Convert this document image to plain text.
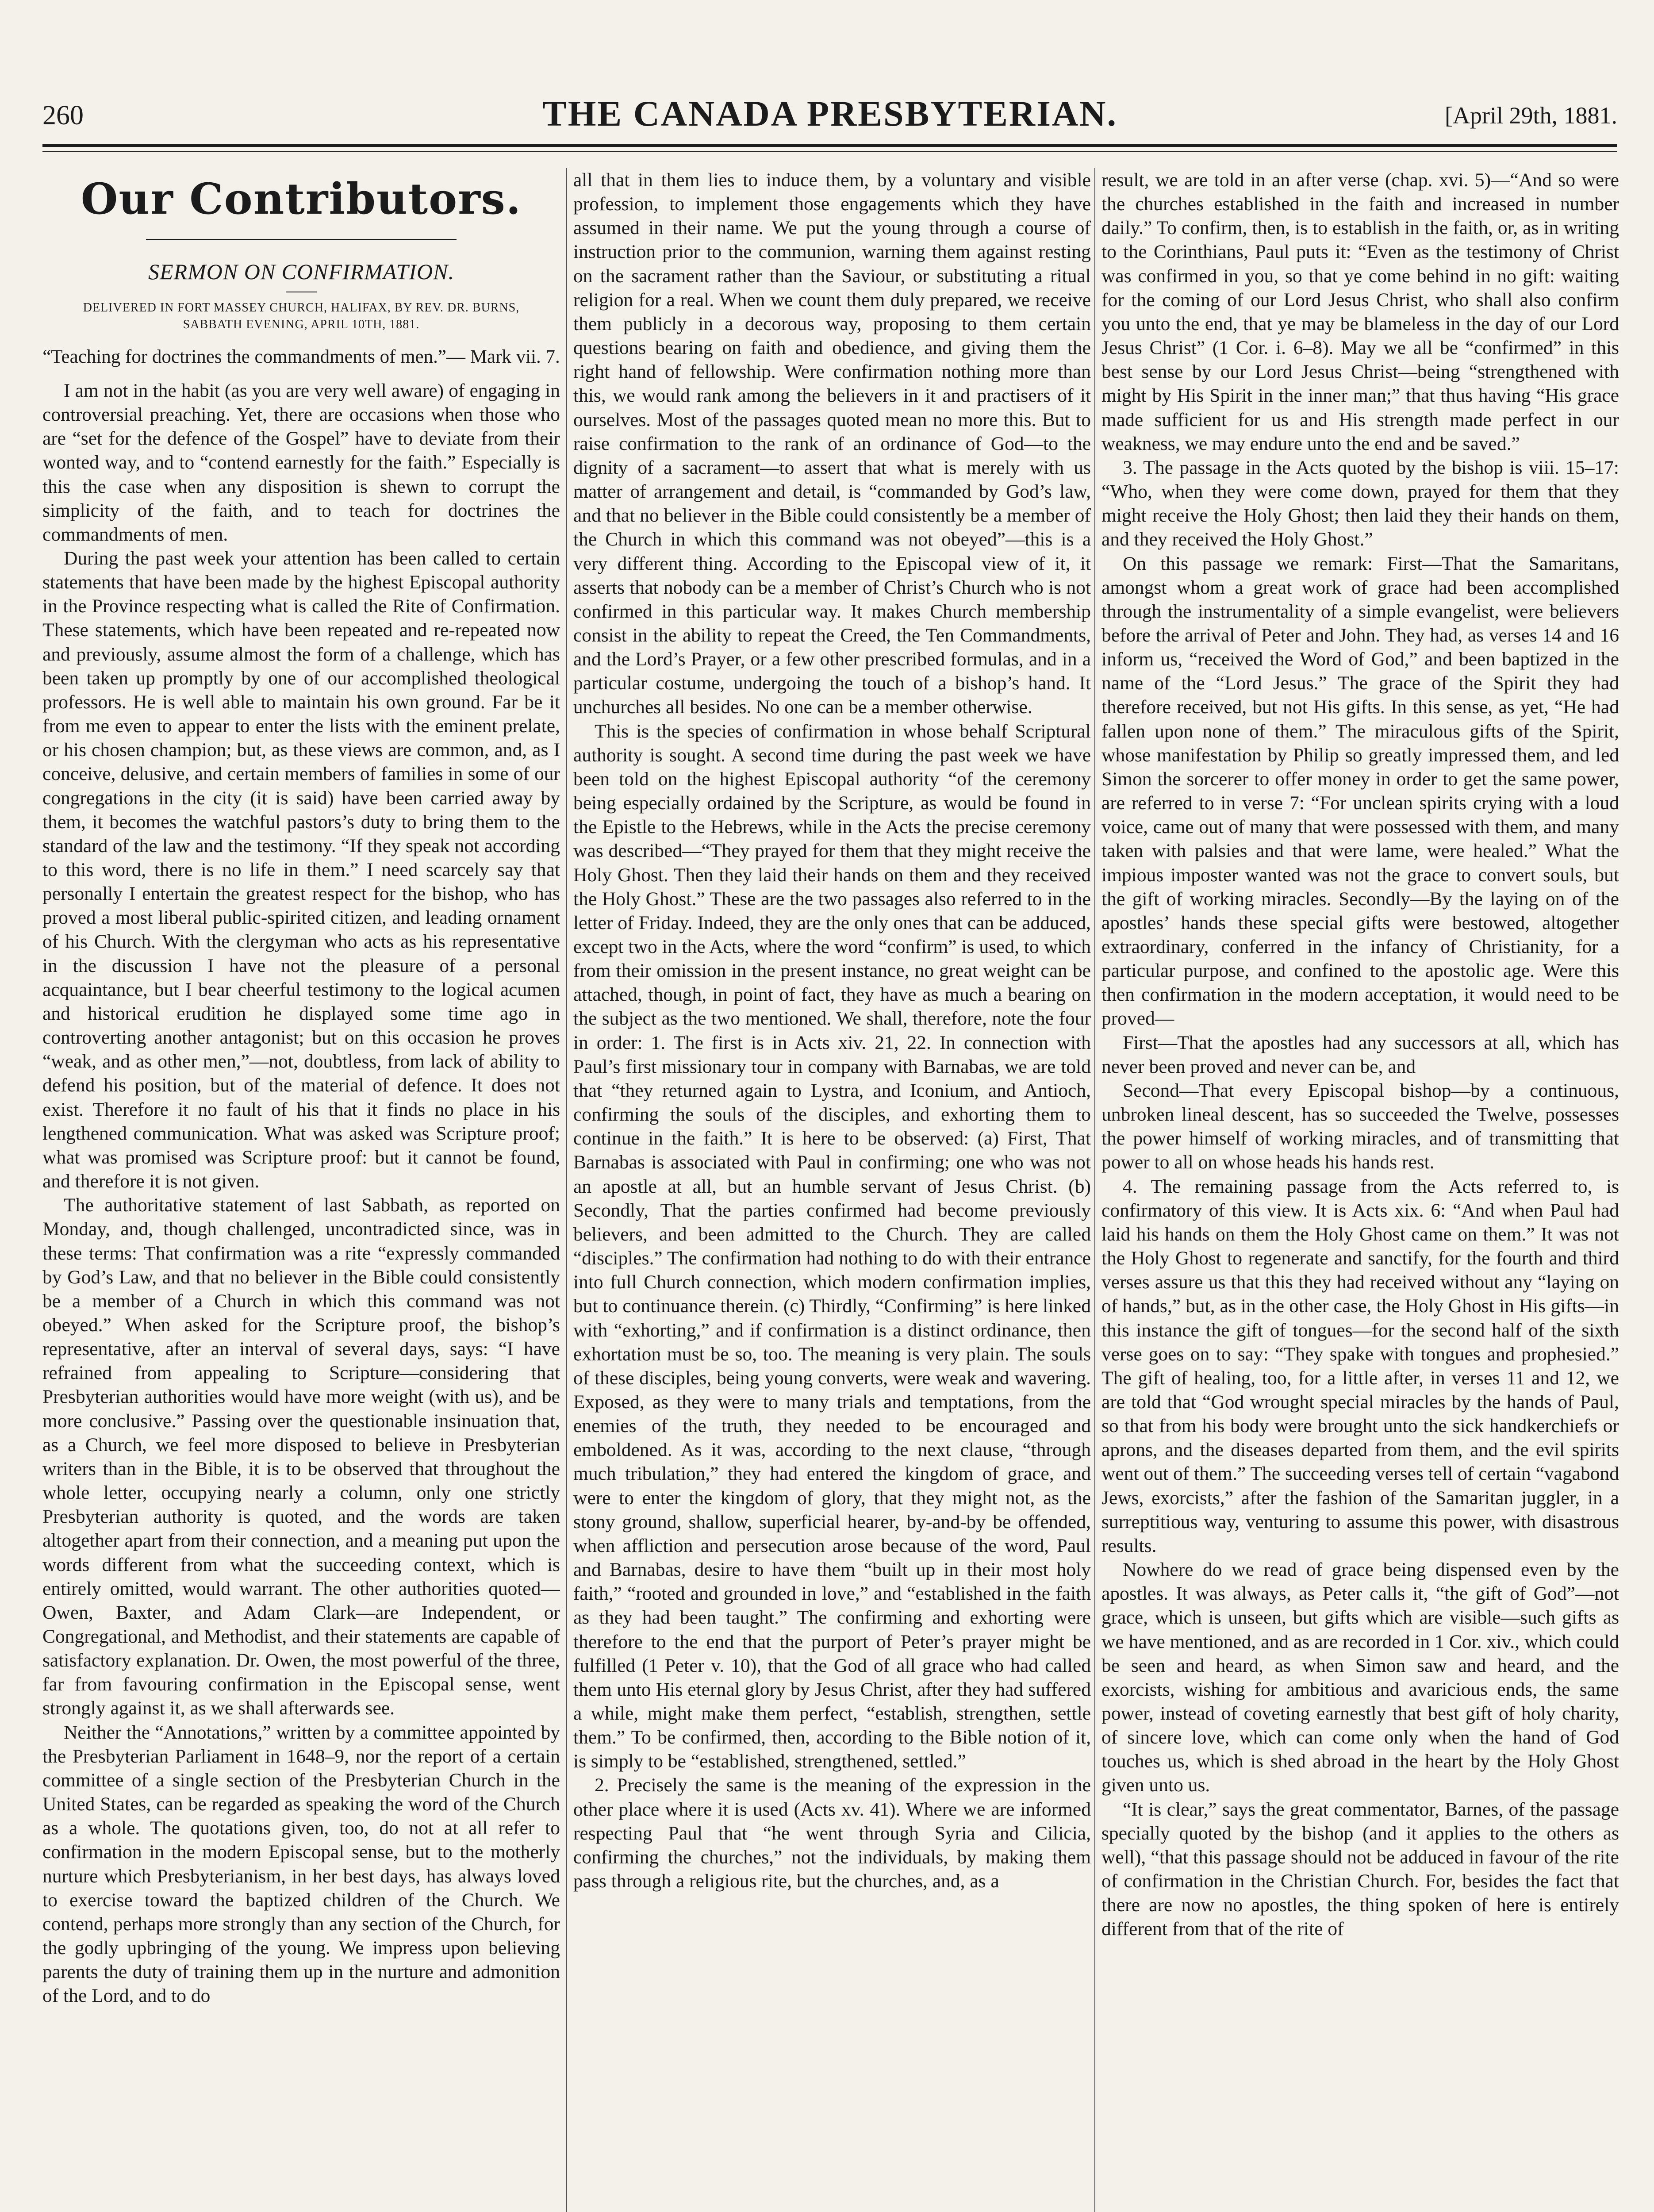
260	THE CANADA PRESBYTERIAN.	[April 29th, 1881.
Our Contributors.
SERMON ON CONFIRMATION.
DELIVERED IN FORT MASSEY CHURCH, HALIFAX, BY REV. DR. BURNS, SABBATH EVENING, APRIL 10TH, 1881.
“Teaching for doctrines the commandments of men.”— Mark vii. 7.

I am not in the habit (as you are very well aware) of engaging in controversial preaching. Yet, there are occasions when those who are “set for the defence of the Gospel” have to deviate from their wonted way, and to “contend earnestly for the faith.” Especially is this the case when any disposition is shewn to corrupt the simplicity of the faith, and to teach for doctrines the commandments of men.

During the past week your attention has been called to certain statements that have been made by the highest Episcopal authority in the Province respecting what is called the Rite of Confirmation. These statements, which have been repeated and re-repeated now and previously, assume almost the form of a challenge, which has been taken up promptly by one of our accomplished theological professors. He is well able to maintain his own ground. Far be it from me even to appear to enter the lists with the eminent prelate, or his chosen champion; but, as these views are common, and, as I conceive, delusive, and certain members of families in some of our congregations in the city (it is said) have been carried away by them, it becomes the watchful pastors’s duty to bring them to the standard of the law and the testimony. “If they speak not according to this word, there is no life in them.” I need scarcely say that personally I entertain the greatest respect for the bishop, who has proved a most liberal public-spirited citizen, and leading ornament of his Church. With the clergyman who acts as his representative in the discussion I have not the pleasure of a personal acquaintance, but I bear cheerful testimony to the logical acumen and historical erudition he displayed some time ago in controverting another antagonist; but on this occasion he proves “weak, and as other men,”—not, doubtless, from lack of ability to defend his position, but of the material of defence. It does not exist. Therefore it no fault of his that it finds no place in his lengthened communication. What was asked was Scripture proof; what was promised was Scripture proof: but it cannot be found, and therefore it is not given.

The authoritative statement of last Sabbath, as reported on Monday, and, though challenged, uncontradicted since, was in these terms: That confirmation was a rite “expressly commanded by God’s Law, and that no believer in the Bible could consistently be a member of a Church in which this command was not obeyed.” When asked for the Scripture proof, the bishop’s representative, after an interval of several days, says: “I have refrained from appealing to Scripture—considering that Presbyterian authorities would have more weight (with us), and be more conclusive.” Passing over the questionable insinuation that, as a Church, we feel more disposed to believe in Presbyterian writers than in the Bible, it is to be observed that throughout the whole letter, occupying nearly a column, only one strictly Presbyterian authority is quoted, and the words are taken altogether apart from their connection, and a meaning put upon the words different from what the succeeding context, which is entirely omitted, would warrant. The other authorities quoted—Owen, Baxter, and Adam Clark—are Independent, or Congregational, and Methodist, and their statements are capable of satisfactory explanation. Dr. Owen, the most powerful of the three, far from favouring confirmation in the Episcopal sense, went strongly against it, as we shall afterwards see.

Neither the “Annotations,” written by a committee appointed by the Presbyterian Parliament in 1648–9, nor the report of a certain committee of a single section of the Presbyterian Church in the United States, can be regarded as speaking the word of the Church as a whole. The quotations given, too, do not at all refer to confirmation in the modern Episcopal sense, but to the motherly nurture which Presbyterianism, in her best days, has always loved to exercise toward the baptized children of the Church. We contend, perhaps more strongly than any section of the Church, for the godly upbringing of the young. We impress upon believing parents the duty of training them up in the nurture and admonition of the Lord, and to do

all that in them lies to induce them, by a voluntary and visible profession, to implement those engagements which they have assumed in their name. We put the young through a course of instruction prior to the communion, warning them against resting on the sacrament rather than the Saviour, or substituting a ritual religion for a real. When we count them duly prepared, we receive them publicly in a decorous way, proposing to them certain questions bearing on faith and obedience, and giving them the right hand of fellowship. Were confirmation nothing more than this, we would rank among the believers in it and practisers of it ourselves. Most of the passages quoted mean no more this. But to raise confirmation to the rank of an ordinance of God—to the dignity of a sacrament—to assert that what is merely with us matter of arrangement and detail, is “commanded by God’s law, and that no believer in the Bible could consistently be a member of the Church in which this command was not obeyed”—this is a very different thing. According to the Episcopal view of it, it asserts that nobody can be a member of Christ’s Church who is not confirmed in this particular way. It makes Church membership consist in the ability to repeat the Creed, the Ten Commandments, and the Lord’s Prayer, or a few other prescribed formulas, and in a particular costume, undergoing the touch of a bishop’s hand. It unchurches all besides. No one can be a member otherwise.

This is the species of confirmation in whose behalf Scriptural authority is sought. A second time during the past week we have been told on the highest Episcopal authority “of the ceremony being especially ordained by the Scripture, as would be found in the Epistle to the Hebrews, while in the Acts the precise ceremony was described—“They prayed for them that they might receive the Holy Ghost. Then they laid their hands on them and they received the Holy Ghost.” These are the two passages also referred to in the letter of Friday. Indeed, they are the only ones that can be adduced, except two in the Acts, where the word “confirm” is used, to which from their omission in the present instance, no great weight can be attached, though, in point of fact, they have as much a bearing on the subject as the two mentioned. We shall, therefore, note the four in order: 1. The first is in Acts xiv. 21, 22. In connection with Paul’s first missionary tour in company with Barnabas, we are told that “they returned again to Lystra, and Iconium, and Antioch, confirming the souls of the disciples, and exhorting them to continue in the faith.” It is here to be observed: (a) First, That Barnabas is associated with Paul in confirming; one who was not an apostle at all, but an humble servant of Jesus Christ. (b) Secondly, That the parties confirmed had become previously believers, and been admitted to the Church. They are called “disciples.” The confirmation had nothing to do with their entrance into full Church connection, which modern confirmation implies, but to continuance therein. (c) Thirdly, “Confirming” is here linked with “exhorting,” and if confirmation is a distinct ordinance, then exhortation must be so, too. The meaning is very plain. The souls of these disciples, being young converts, were weak and wavering. Exposed, as they were to many trials and temptations, from the enemies of the truth, they needed to be encouraged and emboldened. As it was, according to the next clause, “through much tribulation,” they had entered the kingdom of grace, and were to enter the kingdom of glory, that they might not, as the stony ground, shallow, superficial hearer, by-and-by be offended, when affliction and persecution arose because of the word, Paul and Barnabas, desire to have them “built up in their most holy faith,” “rooted and grounded in love,” and “established in the faith as they had been taught.” The confirming and exhorting were therefore to the end that the purport of Peter’s prayer might be fulfilled (1 Peter v. 10), that the God of all grace who had called them unto His eternal glory by Jesus Christ, after they had suffered a while, might make them perfect, “establish, strengthen, settle them.” To be confirmed, then, according to the Bible notion of it, is simply to be “established, strengthened, settled.”

2. Precisely the same is the meaning of the expression in the other place where it is used (Acts xv. 41). Where we are informed respecting Paul that “he went through Syria and Cilicia, confirming the churches,” not the individuals, by making them pass through a religious rite, but the churches, and, as a

result, we are told in an after verse (chap. xvi. 5)—“And so were the churches established in the faith and increased in number daily.” To confirm, then, is to establish in the faith, or, as in writing to the Corinthians, Paul puts it: “Even as the testimony of Christ was confirmed in you, so that ye come behind in no gift: waiting for the coming of our Lord Jesus Christ, who shall also confirm you unto the end, that ye may be blameless in the day of our Lord Jesus Christ” (1 Cor. i. 6–8). May we all be “confirmed” in this best sense by our Lord Jesus Christ—being “strengthened with might by His Spirit in the inner man;” that thus having “His grace made sufficient for us and His strength made perfect in our weakness, we may endure unto the end and be saved.”

3. The passage in the Acts quoted by the bishop is viii. 15–17: “Who, when they were come down, prayed for them that they might receive the Holy Ghost; then laid they their hands on them, and they received the Holy Ghost.”

On this passage we remark: First—That the Samaritans, amongst whom a great work of grace had been accomplished through the instrumentality of a simple evangelist, were believers before the arrival of Peter and John. They had, as verses 14 and 16 inform us, “received the Word of God,” and been baptized in the name of the “Lord Jesus.” The grace of the Spirit they had therefore received, but not His gifts. In this sense, as yet, “He had fallen upon none of them.” The miraculous gifts of the Spirit, whose manifestation by Philip so greatly impressed them, and led Simon the sorcerer to offer money in order to get the same power, are referred to in verse 7: “For unclean spirits crying with a loud voice, came out of many that were possessed with them, and many taken with palsies and that were lame, were healed.” What the impious imposter wanted was not the grace to convert souls, but the gift of working miracles. Secondly—By the laying on of the apostles’ hands these special gifts were bestowed, altogether extraordinary, conferred in the infancy of Christianity, for a particular purpose, and confined to the apostolic age. Were this then confirmation in the modern acceptation, it would need to be proved—

First—That the apostles had any successors at all, which has never been proved and never can be, and

Second—That every Episcopal bishop—by a continuous, unbroken lineal descent, has so succeeded the Twelve, possesses the power himself of working miracles, and of transmitting that power to all on whose heads his hands rest.

4. The remaining passage from the Acts referred to, is confirmatory of this view. It is Acts xix. 6: “And when Paul had laid his hands on them the Holy Ghost came on them.” It was not the Holy Ghost to regenerate and sanctify, for the fourth and third verses assure us that this they had received without any “laying on of hands,” but, as in the other case, the Holy Ghost in His gifts—in this instance the gift of tongues—for the second half of the sixth verse goes on to say: “They spake with tongues and prophesied.” The gift of healing, too, for a little after, in verses 11 and 12, we are told that “God wrought special miracles by the hands of Paul, so that from his body were brought unto the sick handkerchiefs or aprons, and the diseases departed from them, and the evil spirits went out of them.” The succeeding verses tell of certain “vagabond Jews, exorcists,” after the fashion of the Samaritan juggler, in a surreptitious way, venturing to assume this power, with disastrous results.

Nowhere do we read of grace being dispensed even by the apostles. It was always, as Peter calls it, “the gift of God”—not grace, which is unseen, but gifts which are visible—such gifts as we have mentioned, and as are recorded in 1 Cor. xiv., which could be seen and heard, as when Simon saw and heard, and the exorcists, wishing for ambitious and avaricious ends, the same power, instead of coveting earnestly that best gift of holy charity, of sincere love, which can come only when the hand of God touches us, which is shed abroad in the heart by the Holy Ghost given unto us.

“It is clear,” says the great commentator, Barnes, of the passage specially quoted by the bishop (and it applies to the others as well), “that this passage should not be adduced in favour of the rite of confirmation in the Christian Church. For, besides the fact that there are now no apostles, the thing spoken of here is entirely different from that of the rite of
